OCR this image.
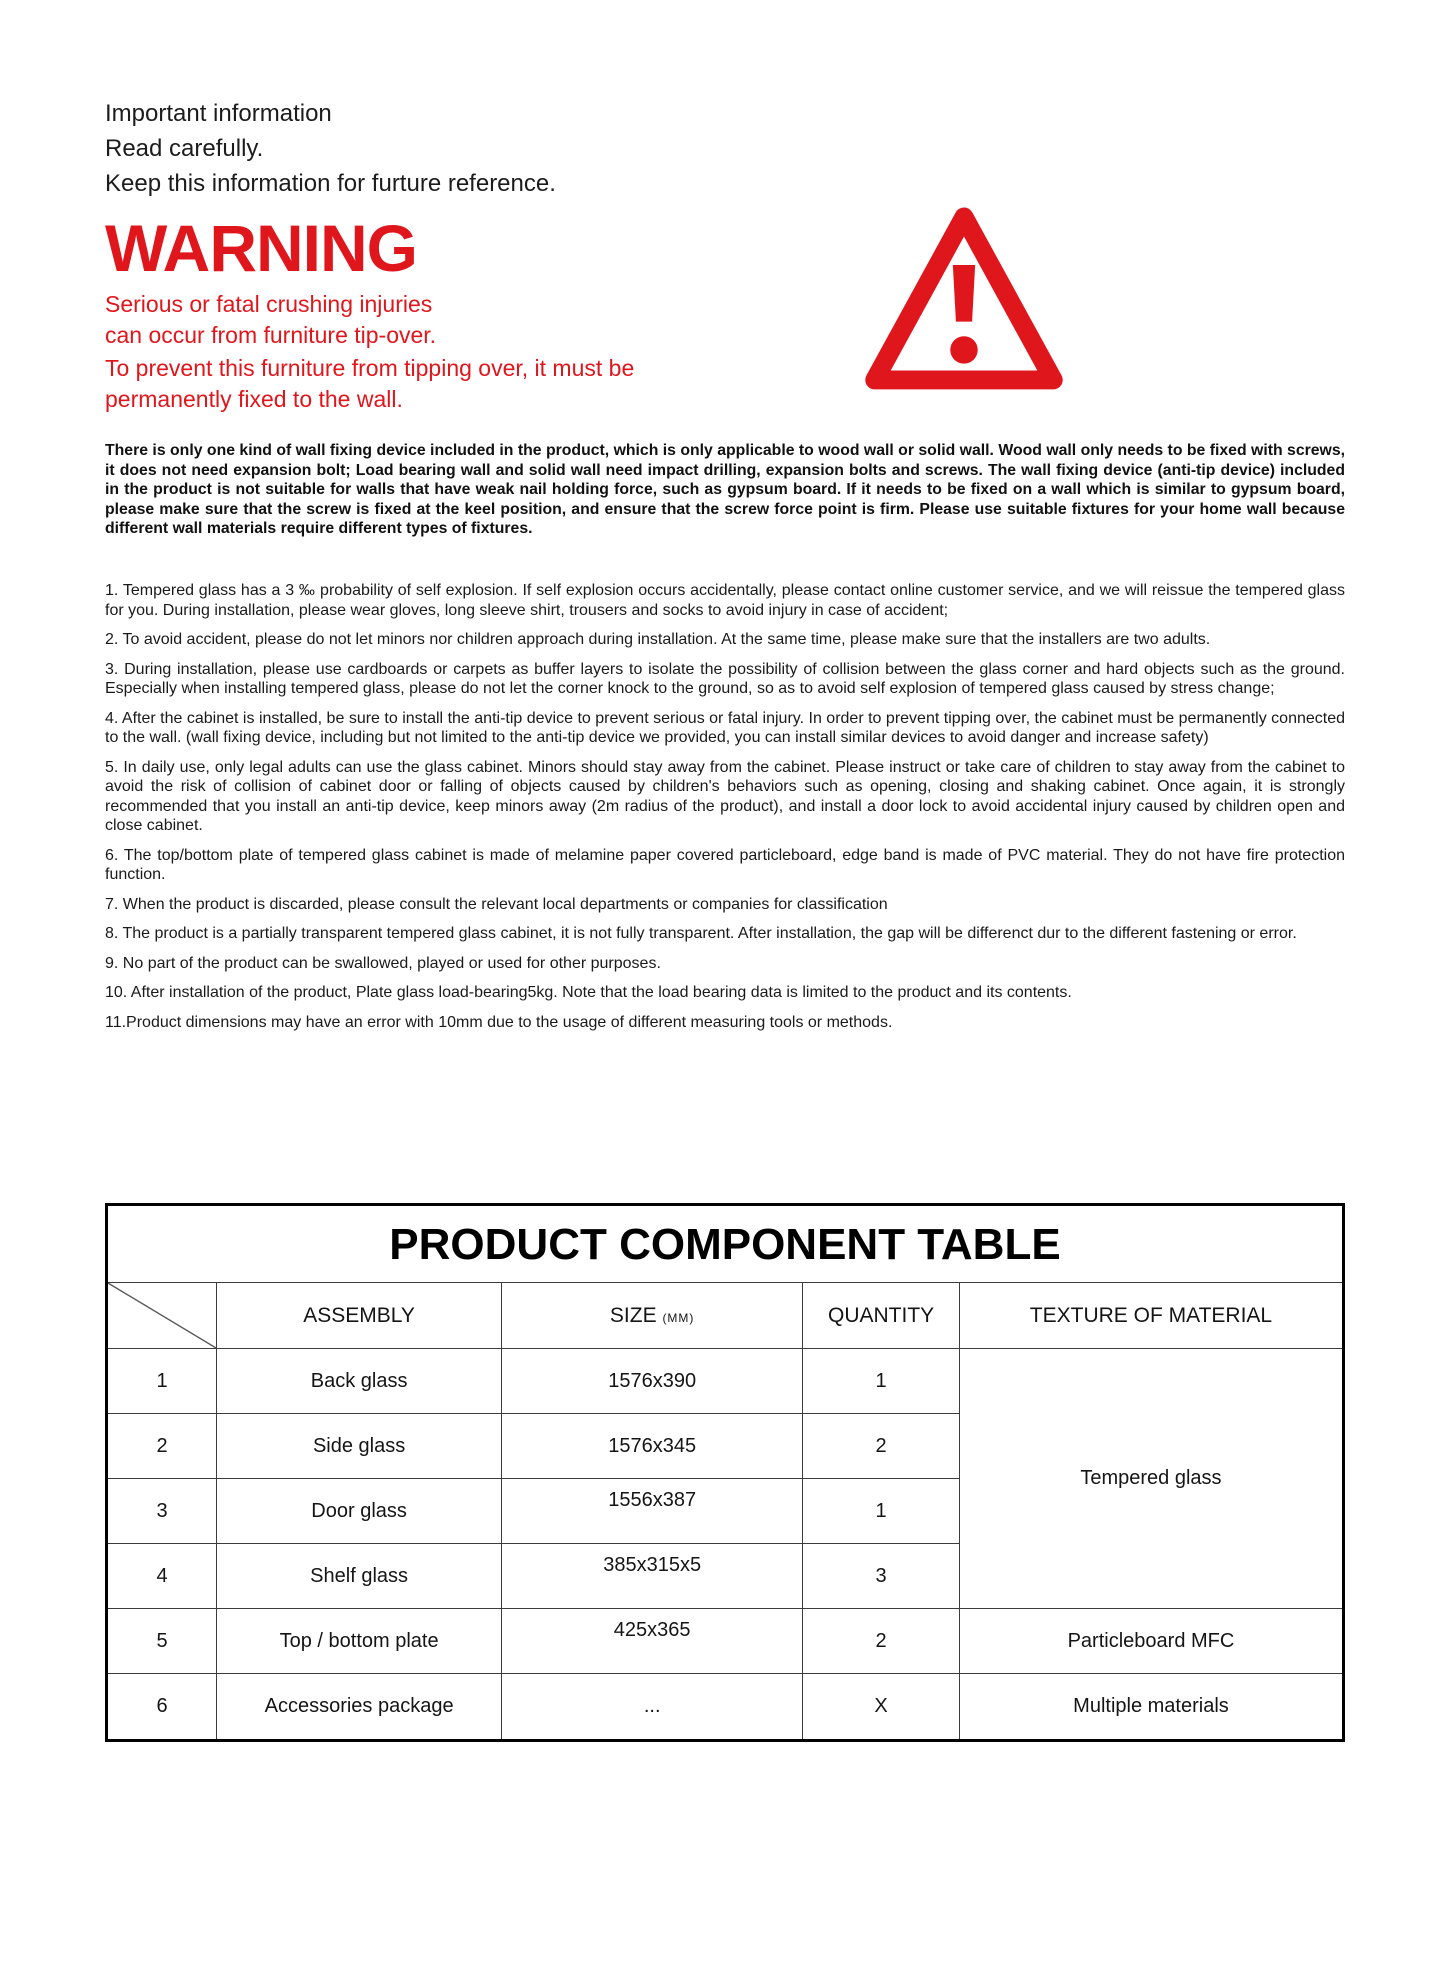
Important information
Read carefully.
Keep this information for furture reference.
WARNING
Serious or fatal crushing injuries
can occur from furniture tip-over.
To prevent this furniture from tipping over, it must be
permanently fixed to the wall.

There is only one kind of wall fixing device included in the product, which is only applicable to wood wall or solid wall. Wood wall only needs to be fixed with screws, it does not need expansion bolt; Load bearing wall and solid wall need impact drilling, expansion bolts and screws. The wall fixing device (anti-tip device) included in the product is not suitable for walls that have weak nail holding force, such as gypsum board. If it needs to be fixed on a wall which is similar to gypsum board, please make sure that the screw is fixed at the keel position, and ensure that the screw force point is firm. Please use suitable fixtures for your home wall because different wall materials require different types of fixtures.

1. Tempered glass has a 3 ‰ probability of self explosion. If self explosion occurs accidentally, please contact online customer service, and we will reissue the tempered glass for you. During installation, please wear gloves, long sleeve shirt, trousers and socks to avoid injury in case of accident;

2. To avoid accident, please do not let minors nor children approach during installation. At the same time, please make sure that the installers are two adults.

3. During installation, please use cardboards or carpets as buffer layers to isolate the possibility of collision between the glass corner and hard objects such as the ground. Especially when installing tempered glass, please do not let the corner knock to the ground, so as to avoid self explosion of tempered glass caused by stress change;

4. After the cabinet is installed, be sure to install the anti-tip device to prevent serious or fatal injury. In order to prevent tipping over, the cabinet must be permanently connected to the wall. (wall fixing device, including but not limited to the anti-tip device we provided, you can install similar devices to avoid danger and increase safety)

5. In daily use, only legal adults can use the glass cabinet. Minors should stay away from the cabinet. Please instruct or take care of children to stay away from the cabinet to avoid the risk of collision of cabinet door or falling of objects caused by children's behaviors such as opening, closing and shaking cabinet. Once again, it is strongly recommended that you install an anti-tip device, keep minors away (2m radius of the product), and install a door lock to avoid accidental injury caused by children open and close cabinet.

6. The top/bottom plate of tempered glass cabinet is made of melamine paper covered particleboard, edge band is made of PVC material. They do not have fire protection function.

7. When the product is discarded, please consult the relevant local departments or companies for classification

8. The product is a partially transparent tempered glass cabinet, it is not fully transparent. After installation, the gap will be differenct dur to the different fastening or error.

9. No part of the product can be swallowed, played or used for other purposes.

10. After installation of the product, Plate glass load-bearing5kg. Note that the load bearing data is limited to the product and its contents.

11.Product dimensions may have an error with 10mm due to the usage of different measuring tools or methods.

PRODUCT COMPONENT TABLE
	ASSEMBLY	SIZE (MM)	QUANTITY	TEXTURE OF MATERIAL
1	Back glass	1576x390	1	Tempered glass
2	Side glass	1576x345	2	
3	Door glass	1556x387	1	
4	Shelf glass	385x315x5	3	
5	Top / bottom plate	425x365	2	Particleboard MFC
6	Accessories package	...	X	Multiple materials
